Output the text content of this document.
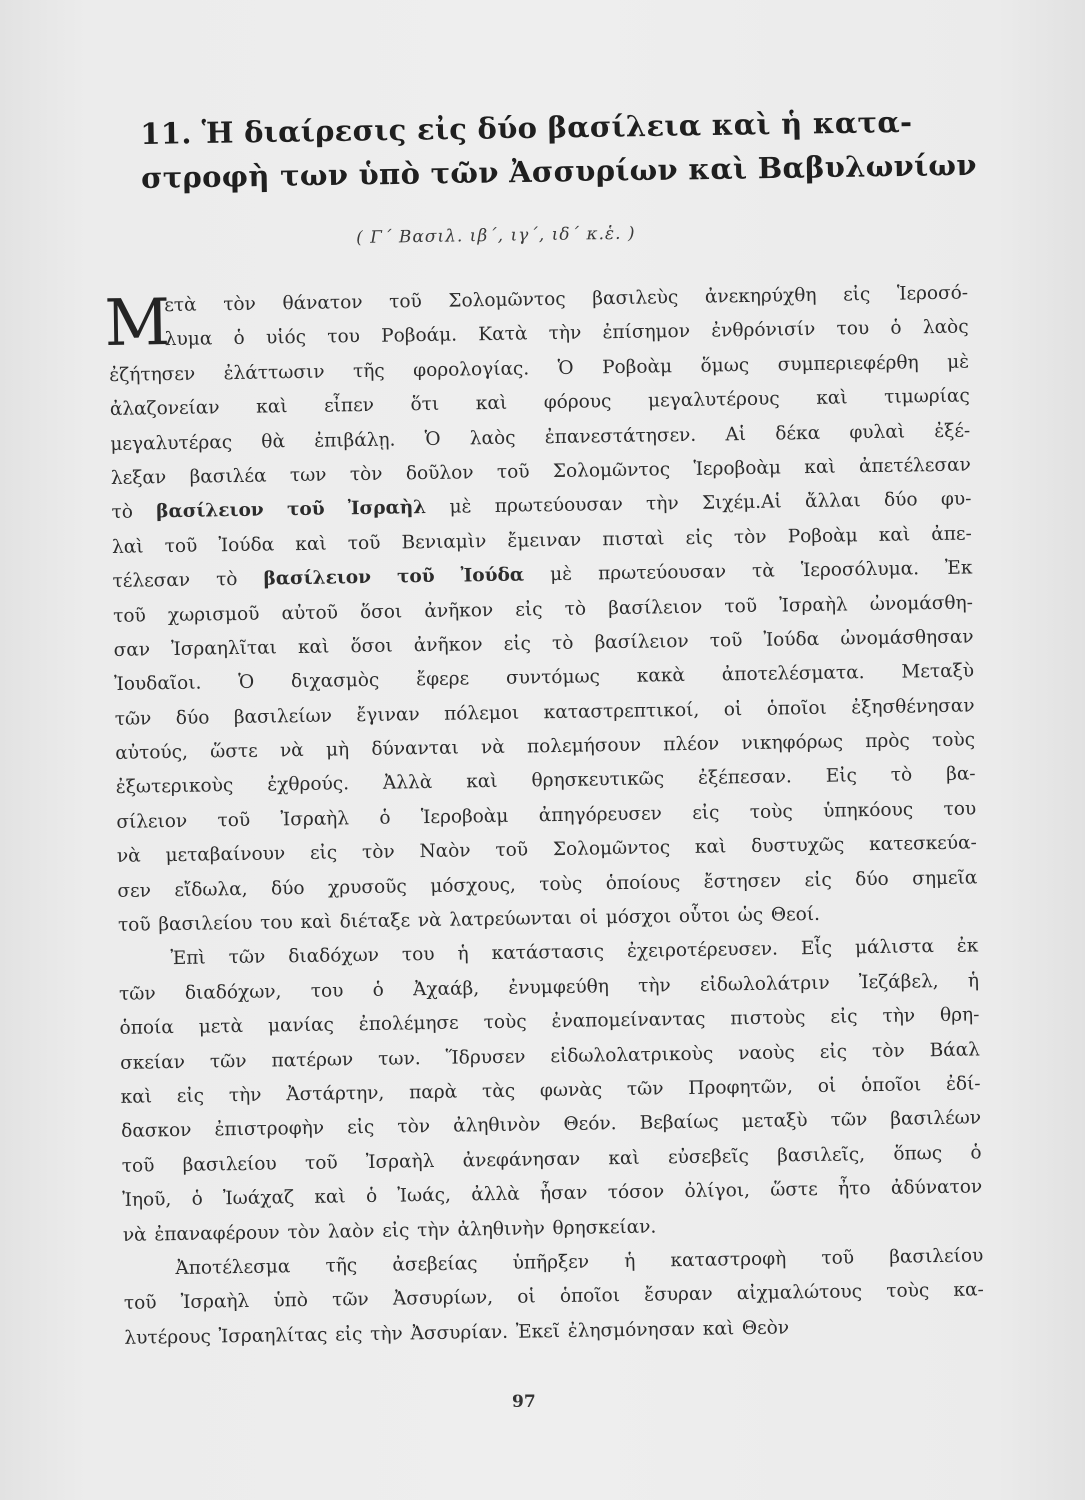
11. Ἡ διαίρεσις εἰς δύο βασίλεια καὶ ἡ κατα-
στροφὴ των ὑπὸ τῶν Ἀσσυρίων καὶ Βαβυλωνίων
( Γ΄ Βασιλ. ιβ΄, ιγ΄, ιδ΄ κ.ἑ. )
Μ
ετὰ τὸν θάνατον τοῦ Σολομῶντος βασιλεὺς ἀνεκηρύχθη εἰς Ἱεροσό-
λυμα ὁ υἱός του Ροβοάμ. Κατὰ τὴν ἐπίσημον ἐνθρόνισίν του ὁ λαὸς
ἐζήτησεν ἐλάττωσιν τῆς φορολογίας. Ὁ Ροβοὰμ ὅμως συμπεριεφέρθη μὲ
ἀλαζονείαν καὶ εἶπεν ὅτι καὶ φόρους μεγαλυτέρους καὶ τιμωρίας
μεγαλυτέρας θὰ ἐπιβάλῃ. Ὁ λαὸς ἐπανεστάτησεν. Αἱ δέκα φυλαὶ ἐξέ-
λεξαν βασιλέα των τὸν δοῦλον τοῦ Σολομῶντος Ἱεροβοὰμ καὶ ἀπετέλεσαν
τὸ βασίλειον τοῦ Ἰσραὴλ μὲ πρωτεύουσαν τὴν Σιχέμ.Αἱ ἄλλαι δύο φυ-
λαὶ τοῦ Ἰούδα καὶ τοῦ Βενιαμὶν ἔμειναν πισταὶ εἰς τὸν Ροβοὰμ καὶ ἀπε-
τέλεσαν τὸ βασίλειον τοῦ Ἰούδα μὲ πρωτεύουσαν τὰ Ἱεροσόλυμα. Ἐκ
τοῦ χωρισμοῦ αὐτοῦ ὅσοι ἀνῆκον εἰς τὸ βασίλειον τοῦ Ἰσραὴλ ὠνομάσθη-
σαν Ἰσραηλῖται καὶ ὅσοι ἀνῆκον εἰς τὸ βασίλειον τοῦ Ἰούδα ὠνομάσθησαν
Ἰουδαῖοι. Ὁ διχασμὸς ἔφερε συντόμως κακὰ ἀποτελέσματα. Μεταξὺ
τῶν δύο βασιλείων ἔγιναν πόλεμοι καταστρεπτικοί, οἱ ὁποῖοι ἐξησθένησαν
αὐτούς, ὥστε νὰ μὴ δύνανται νὰ πολεμήσουν πλέον νικηφόρως πρὸς τοὺς
ἐξωτερικοὺς ἐχθρούς. Ἀλλὰ καὶ θρησκευτικῶς ἐξέπεσαν. Εἰς τὸ βα-
σίλειον τοῦ Ἰσραὴλ ὁ Ἱεροβοὰμ ἀπηγόρευσεν εἰς τοὺς ὑπηκόους του
νὰ μεταβαίνουν εἰς τὸν Ναὸν τοῦ Σολομῶντος καὶ δυστυχῶς κατεσκεύα-
σεν εἴδωλα, δύο χρυσοῦς μόσχους, τοὺς ὁποίους ἔστησεν εἰς δύο σημεῖα
τοῦ βασιλείου του καὶ διέταξε νὰ λατρεύωνται οἱ μόσχοι οὗτοι ὡς Θεοί.
Ἐπὶ τῶν διαδόχων του ἡ κατάστασις ἐχειροτέρευσεν. Εἷς μάλιστα ἐκ
τῶν διαδόχων, του ὁ Ἀχαάβ, ἐνυμφεύθη τὴν εἰδωλολάτριν Ἰεζάβελ, ἡ
ὁποία μετὰ μανίας ἐπολέμησε τοὺς ἐναπομείναντας πιστοὺς εἰς τὴν θρη-
σκείαν τῶν πατέρων των. Ἵδρυσεν εἰδωλολατρικοὺς ναοὺς εἰς τὸν Βάαλ
καὶ εἰς τὴν Ἀστάρτην, παρὰ τὰς φωνὰς τῶν Προφητῶν, οἱ ὁποῖοι ἐδί-
δασκον ἐπιστροφὴν εἰς τὸν ἀληθινὸν Θεόν. Βεβαίως μεταξὺ τῶν βασιλέων
τοῦ βασιλείου τοῦ Ἰσραὴλ ἀνεφάνησαν καὶ εὐσεβεῖς βασιλεῖς, ὅπως ὁ
Ἰηοῦ, ὁ Ἰωάχαζ καὶ ὁ Ἰωάς, ἀλλὰ ἦσαν τόσον ὀλίγοι, ὥστε ἦτο ἀδύνατον
νὰ ἐπαναφέρουν τὸν λαὸν εἰς τὴν ἀληθινὴν θρησκείαν.
Ἀποτέλεσμα τῆς ἀσεβείας ὑπῆρξεν ἡ καταστροφὴ τοῦ βασιλείου
τοῦ Ἰσραὴλ ὑπὸ τῶν Ἀσσυρίων, οἱ ὁποῖοι ἔσυραν αἰχμαλώτους τοὺς κα-
λυτέρους Ἰσραηλίτας εἰς τὴν Ἀσσυρίαν. Ἐκεῖ ἐλησμόνησαν καὶ Θεὸν
97
